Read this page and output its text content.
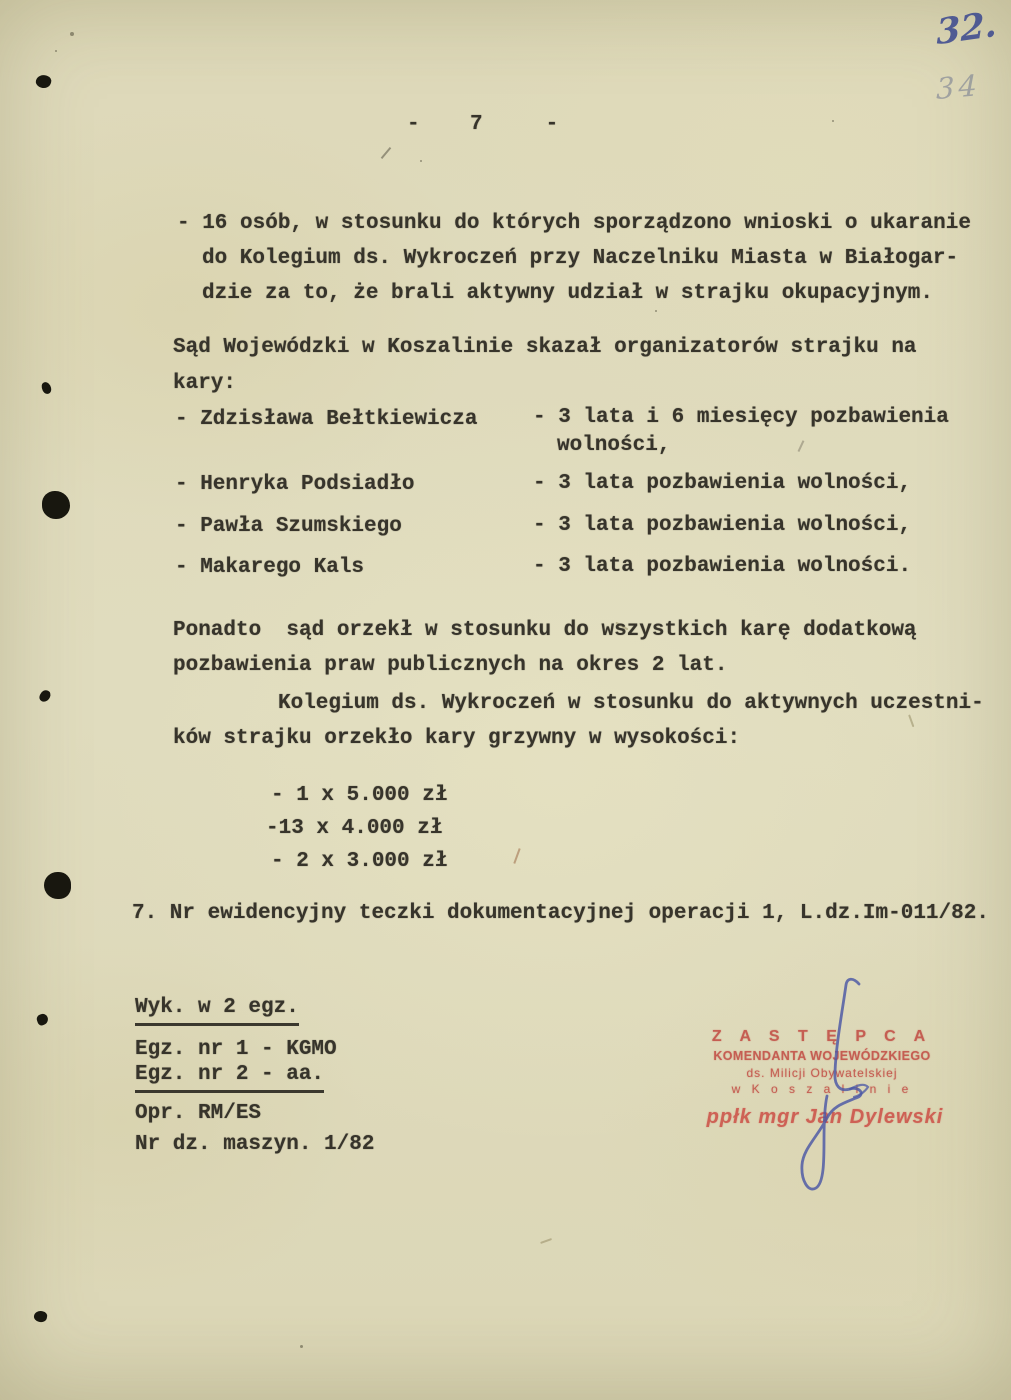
32.
34
-    7     -
- 16 osób, w stosunku do których sporządzono wnioski o ukaranie
do Kolegium ds. Wykroczeń przy Naczelniku Miasta w Białogar-
dzie za to, że brali aktywny udział w strajku okupacyjnym.
Sąd Wojewódzki w Koszalinie skazał organizatorów strajku na
kary:
- Zdzisława Bełtkiewicza	- 3 lata i 6 miesięcy pozbawienia
wolności,
- Henryka Podsiadło	- 3 lata pozbawienia wolności,
- Pawła Szumskiego	- 3 lata pozbawienia wolności,
- Makarego Kals	- 3 lata pozbawienia wolności.
Ponadto  sąd orzekł w stosunku do wszystkich karę dodatkową
pozbawienia praw publicznych na okres 2 lat.
Kolegium ds. Wykroczeń w stosunku do aktywnych uczestni-
ków strajku orzekło kary grzywny w wysokości:
- 1 x 5.000 zł
-13 x 4.000 zł
- 2 x 3.000 zł
7. Nr ewidencyjny teczki dokumentacyjnej operacji 1, L.dz.Im-011/82.
Wyk. w 2 egz.
Egz. nr 1 - KGMO
Egz. nr 2 - aa.
Opr. RM/ES
Nr dz. maszyn. 1/82
Z A S T Ę P C A
KOMENDANTA WOJEWÓDZKIEGO
ds. Milicji Obywatelskiej
w K o s z a l i n i e
ppłk mgr Jan Dylewski
